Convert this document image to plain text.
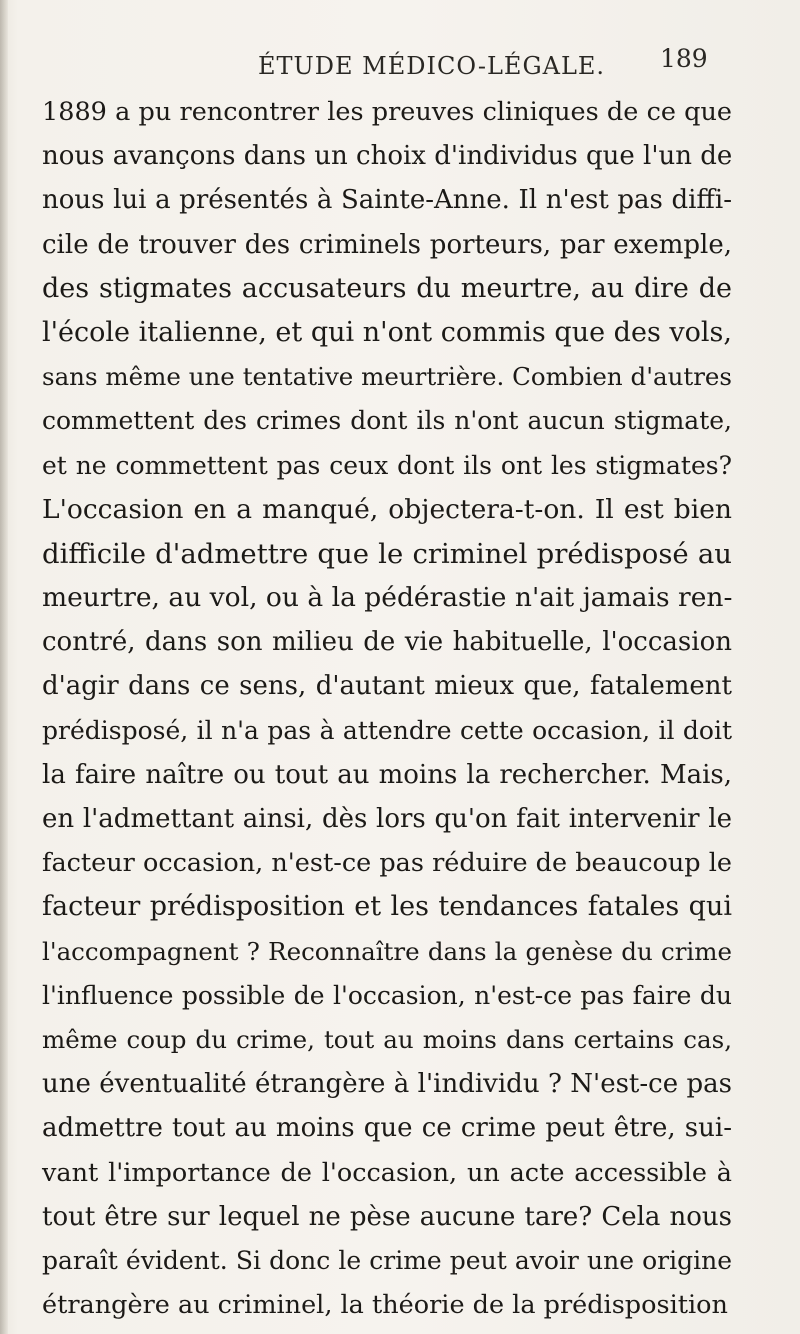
ÉTUDE MÉDICO-LÉGALE. 189
1889 a pu rencontrer les preuves cliniques de ce que
nous avançons dans un choix d'individus que l'un de
nous lui a présentés à Sainte-Anne. Il n'est pas diffi-
cile de trouver des criminels porteurs, par exemple,
des stigmates accusateurs du meurtre, au dire de
l'école italienne, et qui n'ont commis que des vols,
sans même une tentative meurtrière. Combien d'autres
commettent des crimes dont ils n'ont aucun stigmate,
et ne commettent pas ceux dont ils ont les stigmates?
L'occasion en a manqué, objectera-t-on. Il est bien
difficile d'admettre que le criminel prédisposé au
meurtre, au vol, ou à la pédérastie n'ait jamais ren-
contré, dans son milieu de vie habituelle, l'occasion
d'agir dans ce sens, d'autant mieux que, fatalement
prédisposé, il n'a pas à attendre cette occasion, il doit
la faire naître ou tout au moins la rechercher. Mais,
en l'admettant ainsi, dès lors qu'on fait intervenir le
facteur occasion, n'est-ce pas réduire de beaucoup le
facteur prédisposition et les tendances fatales qui
l'accompagnent ? Reconnaître dans la genèse du crime
l'influence possible de l'occasion, n'est-ce pas faire du
même coup du crime, tout au moins dans certains cas,
une éventualité étrangère à l'individu ? N'est-ce pas
admettre tout au moins que ce crime peut être, sui-
vant l'importance de l'occasion, un acte accessible à
tout être sur lequel ne pèse aucune tare? Cela nous
paraît évident. Si donc le crime peut avoir une origine
étrangère au criminel, la théorie de la prédisposition
